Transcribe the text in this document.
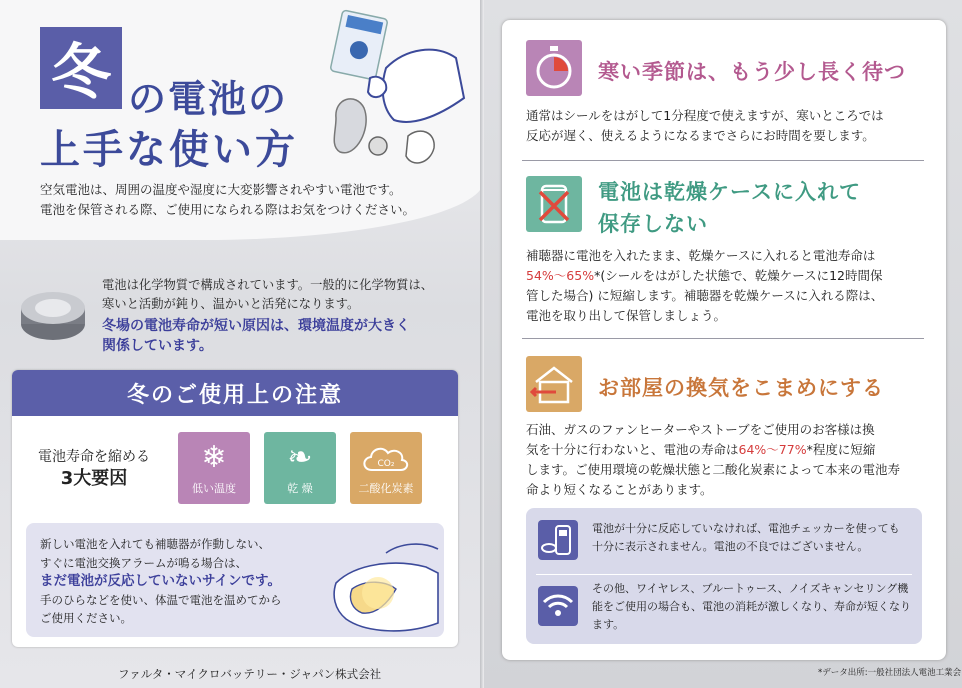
冬 の電池の
上手な使い方
空気電池は、周囲の温度や湿度に大変影響されやすい電池です。
電池を保管される際、ご使用になられる際はお気をつけください。
電池は化学物質で構成されています。一般的に化学物質は、
寒いと活動が鈍り、温かいと活発になります。
冬場の電池寿命が短い原因は、環境温度が大きく
関係しています。
冬のご使用上の注意
電池寿命を縮める
3大要因
❄
低い温度
❧
乾 燥
CO₂
二酸化炭素
新しい電池を入れても補聴器が作動しない、
すぐに電池交換アラームが鳴る場合は、
まだ電池が反応していないサインです。
手のひらなどを使い、体温で電池を温めてから
ご使用ください。
ファルタ・マイクロバッテリー・ジャパン株式会社
寒い季節は、もう少し長く待つ
通常はシールをはがして1分程度で使えますが、寒いところでは
反応が遅く、使えるようになるまでさらにお時間を要します。
電池は乾燥ケースに入れて
保存しない
補聴器に電池を入れたまま、乾燥ケースに入れると電池寿命は
54%～65%*(シールをはがした状態で、乾燥ケースに12時間保
管した場合) に短縮します。補聴器を乾燥ケースに入れる際は、
電池を取り出して保管しましょう。
お部屋の換気をこまめにする
石油、ガスのファンヒーターやストーブをご使用のお客様は換
気を十分に行わないと、電池の寿命は64%～77%*程度に短縮
します。ご使用環境の乾燥状態と二酸化炭素によって本来の電池寿
命より短くなることがあります。
電池が十分に反応していなければ、電池チェッカーを使っても
十分に表示されません。電池の不良ではございません。
その他、ワイヤレス、ブルートゥース、ノイズキャンセリング機
能をご使用の場合も、電池の消耗が激しくなり、寿命が短くなり
ます。
*データ出所:一般社団法人電池工業会
